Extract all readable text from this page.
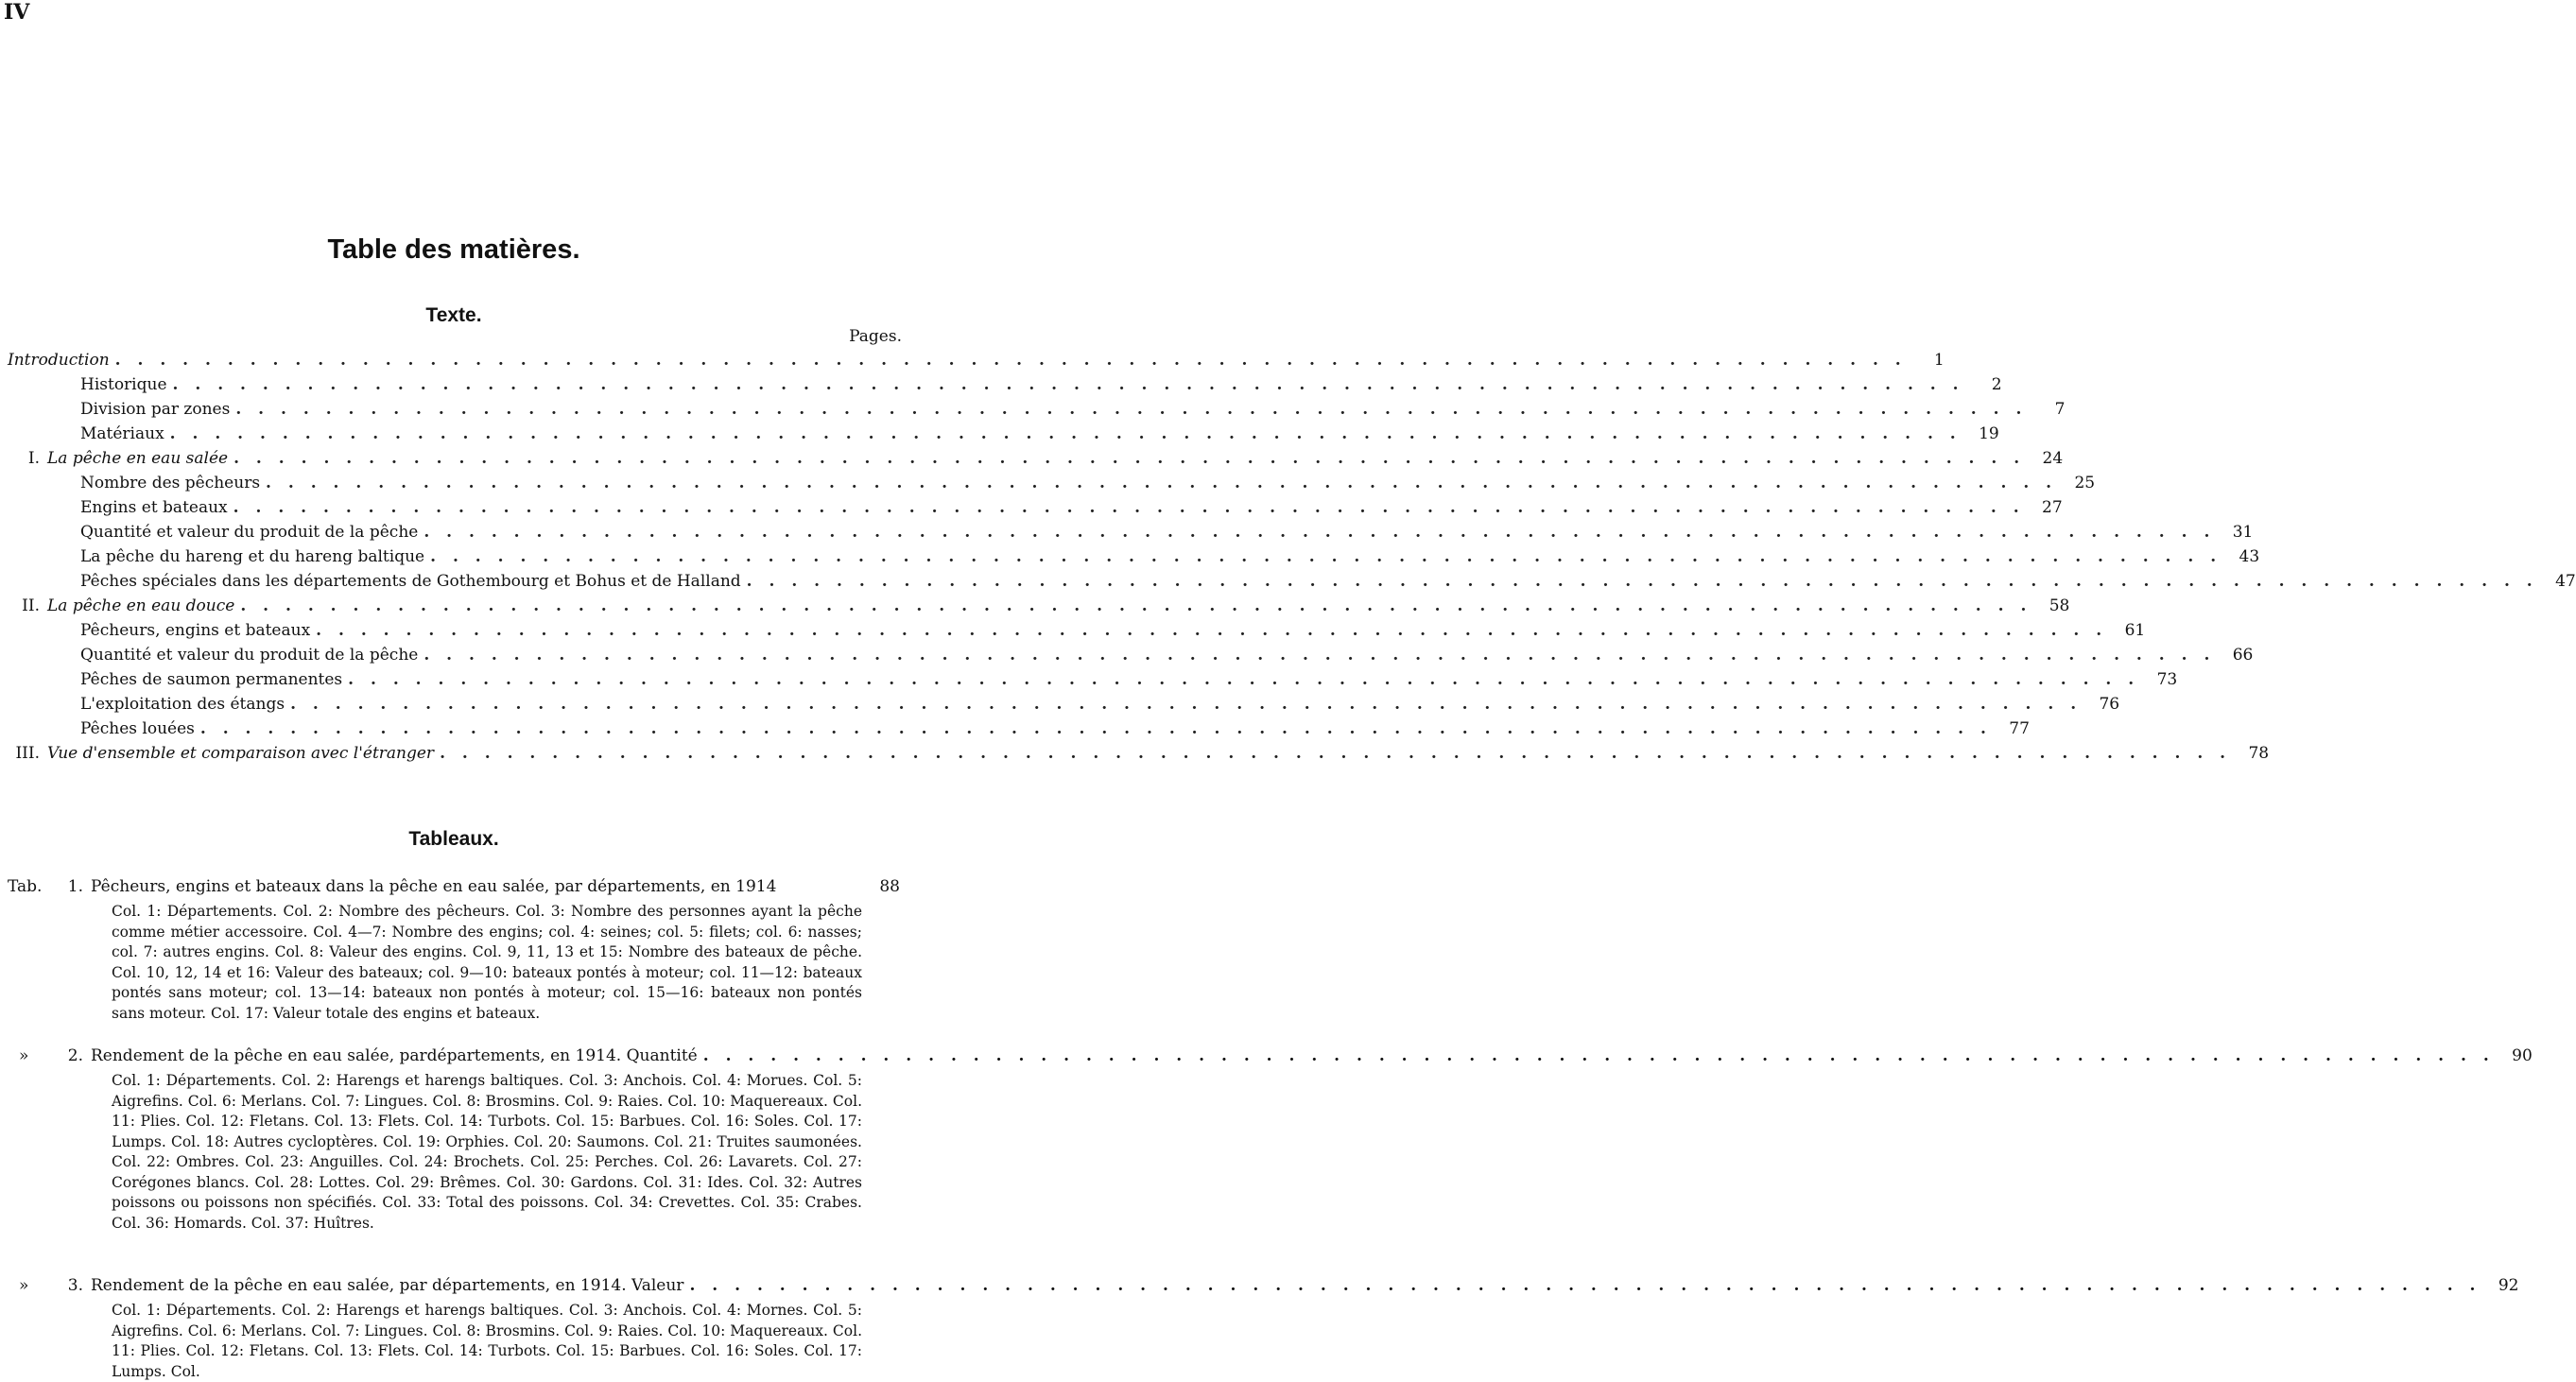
IV
Table des matières.
Texte.
Pages.
Introduction . . . . . . . . . . . . . . . . . . . . . . . . . . . . . . . . . . . . . . . . . . . . . . . . . . . . . . . . . . . . . . . . . . . . . . . . . . . . . . . .	1
Historique . . . . . . . . . . . . . . . . . . . . . . . . . . . . . . . . . . . . . . . . . . . . . . . . . . . . . . . . . . . . . . . . . . . . . . . . . . . . . . . .	2
Division par zones . . . . . . . . . . . . . . . . . . . . . . . . . . . . . . . . . . . . . . . . . . . . . . . . . . . . . . . . . . . . . . . . . . . . . . . . . . . . . . . .	7
Matériaux . . . . . . . . . . . . . . . . . . . . . . . . . . . . . . . . . . . . . . . . . . . . . . . . . . . . . . . . . . . . . . . . . . . . . . . . . . . . . . . .	19
I. La pêche en eau salée . . . . . . . . . . . . . . . . . . . . . . . . . . . . . . . . . . . . . . . . . . . . . . . . . . . . . . . . . . . . . . . . . . . . . . . . . . . . . . . .	24
Nombre des pêcheurs . . . . . . . . . . . . . . . . . . . . . . . . . . . . . . . . . . . . . . . . . . . . . . . . . . . . . . . . . . . . . . . . . . . . . . . . . . . . . . . .	25
Engins et bateaux . . . . . . . . . . . . . . . . . . . . . . . . . . . . . . . . . . . . . . . . . . . . . . . . . . . . . . . . . . . . . . . . . . . . . . . . . . . . . . . .	27
Quantité et valeur du produit de la pêche . . . . . . . . . . . . . . . . . . . . . . . . . . . . . . . . . . . . . . . . . . . . . . . . . . . . . . . . . . . . . . . . . . . . . . . . . . . . . . . .	31
La pêche du hareng et du hareng baltique . . . . . . . . . . . . . . . . . . . . . . . . . . . . . . . . . . . . . . . . . . . . . . . . . . . . . . . . . . . . . . . . . . . . . . . . . . . . . . . .	43
Pêches spéciales dans les départements de Gothembourg et Bohus et de Halland . . . . . . . . . . . . . . . . . . . . . . . . . . . . . . . . . . . . . . . . . . . . . . . . . . . . . . . . . . . . . . . . . . . . . . . . . . . . . . . .	47
II. La pêche en eau douce . . . . . . . . . . . . . . . . . . . . . . . . . . . . . . . . . . . . . . . . . . . . . . . . . . . . . . . . . . . . . . . . . . . . . . . . . . . . . . . .	58
Pêcheurs, engins et bateaux . . . . . . . . . . . . . . . . . . . . . . . . . . . . . . . . . . . . . . . . . . . . . . . . . . . . . . . . . . . . . . . . . . . . . . . . . . . . . . . .	61
Quantité et valeur du produit de la pêche . . . . . . . . . . . . . . . . . . . . . . . . . . . . . . . . . . . . . . . . . . . . . . . . . . . . . . . . . . . . . . . . . . . . . . . . . . . . . . . .	66
Pêches de saumon permanentes . . . . . . . . . . . . . . . . . . . . . . . . . . . . . . . . . . . . . . . . . . . . . . . . . . . . . . . . . . . . . . . . . . . . . . . . . . . . . . . .	73
L'exploitation des étangs . . . . . . . . . . . . . . . . . . . . . . . . . . . . . . . . . . . . . . . . . . . . . . . . . . . . . . . . . . . . . . . . . . . . . . . . . . . . . . . .	76
Pêches louées . . . . . . . . . . . . . . . . . . . . . . . . . . . . . . . . . . . . . . . . . . . . . . . . . . . . . . . . . . . . . . . . . . . . . . . . . . . . . . . .	77
III. Vue d'ensemble et comparaison avec l'étranger . . . . . . . . . . . . . . . . . . . . . . . . . . . . . . . . . . . . . . . . . . . . . . . . . . . . . . . . . . . . . . . . . . . . . . . . . . . . . . . .	78
Tableaux.
Tab.	1. Pêcheurs, engins et bateaux dans la pêche en eau salée, par départements, en 1914	88
Col. 1: Départements. Col. 2: Nombre des pêcheurs. Col. 3: Nombre des personnes ayant la pêche comme métier accessoire. Col. 4—7: Nombre des engins; col. 4: seines; col. 5: filets; col. 6: nasses; col. 7: autres engins. Col. 8: Valeur des engins. Col. 9, 11, 13 et 15: Nombre des bateaux de pêche. Col. 10, 12, 14 et 16: Valeur des bateaux; col. 9—10: bateaux pontés à moteur; col. 11—12: bateaux pontés sans moteur; col. 13—14: bateaux non pontés à moteur; col. 15—16: bateaux non pontés sans moteur. Col. 17: Valeur totale des engins et bateaux.
»	2. Rendement de la pêche en eau salée, pardépartements, en 1914. Quantité . . . . . . . . . . . . . . . . . . . . . . . . . . . . . . . . . . . . . . . . . . . . . . . . . . . . . . . . . . . . . . . . . . . . . . . . . . . . . . . .	90
Col. 1: Départements. Col. 2: Harengs et harengs baltiques. Col. 3: Anchois. Col. 4: Morues. Col. 5: Aigrefins. Col. 6: Merlans. Col. 7: Lingues. Col. 8: Brosmins. Col. 9: Raies. Col. 10: Maquereaux. Col. 11: Plies. Col. 12: Fletans. Col. 13: Flets. Col. 14: Turbots. Col. 15: Barbues. Col. 16: Soles. Col. 17: Lumps. Col. 18: Autres cycloptères. Col. 19: Orphies. Col. 20: Saumons. Col. 21: Truites saumonées. Col. 22: Ombres. Col. 23: Anguilles. Col. 24: Brochets. Col. 25: Perches. Col. 26: Lavarets. Col. 27: Corégones blancs. Col. 28: Lottes. Col. 29: Brêmes. Col. 30: Gardons. Col. 31: Ides. Col. 32: Autres poissons ou poissons non spécifiés. Col. 33: Total des poissons. Col. 34: Crevettes. Col. 35: Crabes. Col. 36: Homards. Col. 37: Huîtres.
»	3. Rendement de la pêche en eau salée, par départements, en 1914. Valeur . . . . . . . . . . . . . . . . . . . . . . . . . . . . . . . . . . . . . . . . . . . . . . . . . . . . . . . . . . . . . . . . . . . . . . . . . . . . . . . .	92
Col. 1: Départements. Col. 2: Harengs et harengs baltiques. Col. 3: Anchois. Col. 4: Mornes. Col. 5: Aigrefins. Col. 6: Merlans. Col. 7: Lingues. Col. 8: Brosmins. Col. 9: Raies. Col. 10: Maquereaux. Col. 11: Plies. Col. 12: Fletans. Col. 13: Flets. Col. 14: Turbots. Col. 15: Barbues. Col. 16: Soles. Col. 17: Lumps. Col.
